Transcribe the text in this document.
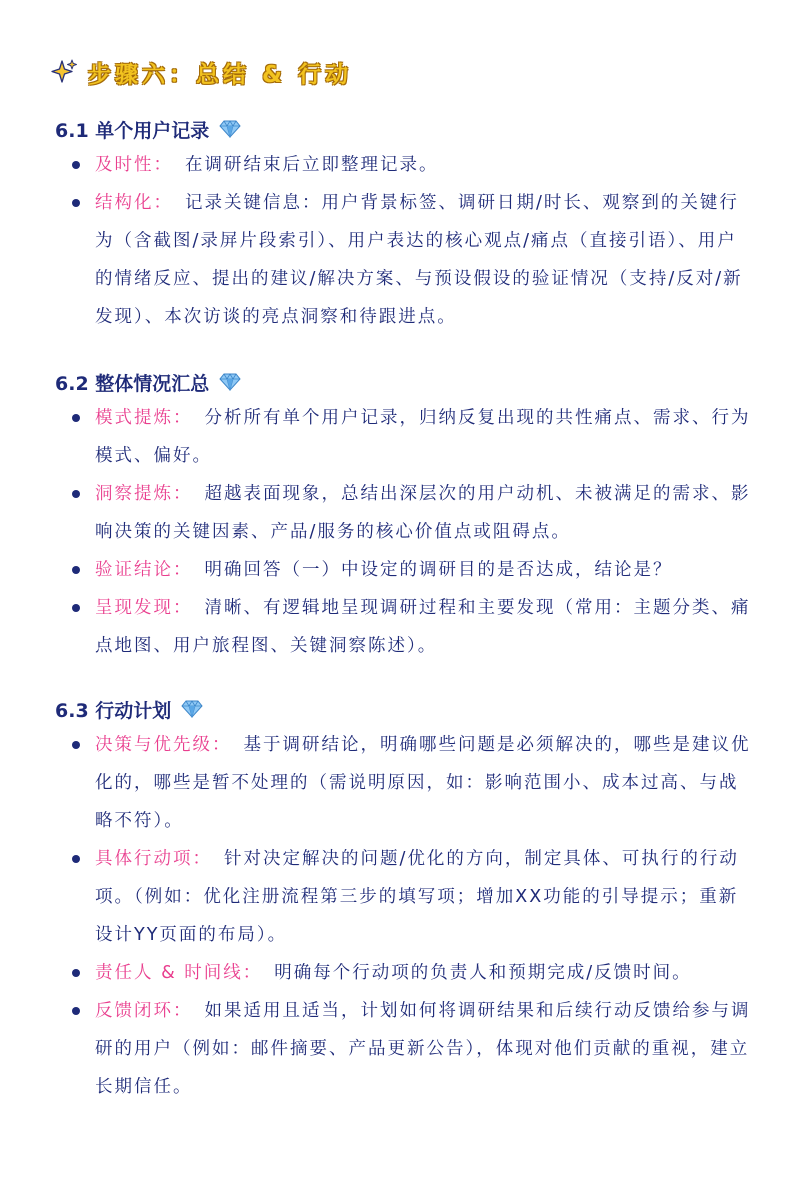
步骤六：总结 & 行动
6.1 单个用户记录
及时性： 在调研结束后立即整理记录。
结构化： 记录关键信息：用户背景标签、调研日期/时长、观察到的关键行为（含截图/录屏片段索引）、用户表达的核心观点/痛点（直接引语）、用户的情绪反应、提出的建议/解决方案、与预设假设的验证情况（支持/反对/新发现）、本次访谈的亮点洞察和待跟进点。
6.2 整体情况汇总
模式提炼： 分析所有单个用户记录，归纳反复出现的共性痛点、需求、行为模式、偏好。
洞察提炼： 超越表面现象，总结出深层次的用户动机、未被满足的需求、影响决策的关键因素、产品/服务的核心价值点或阻碍点。
验证结论： 明确回答（一）中设定的调研目的是否达成，结论是？
呈现发现： 清晰、有逻辑地呈现调研过程和主要发现（常用：主题分类、痛点地图、用户旅程图、关键洞察陈述）。
6.3 行动计划
决策与优先级： 基于调研结论，明确哪些问题是必须解决的，哪些是建议优化的，哪些是暂不处理的（需说明原因，如：影响范围小、成本过高、与战略不符）。
具体行动项： 针对决定解决的问题/优化的方向，制定具体、可执行的行动项。（例如：优化注册流程第三步的填写项；增加XX功能的引导提示；重新设计YY页面的布局）。
责任人 & 时间线： 明确每个行动项的负责人和预期完成/反馈时间。
反馈闭环： 如果适用且适当，计划如何将调研结果和后续行动反馈给参与调研的用户（例如：邮件摘要、产品更新公告），体现对他们贡献的重视，建立长期信任。
